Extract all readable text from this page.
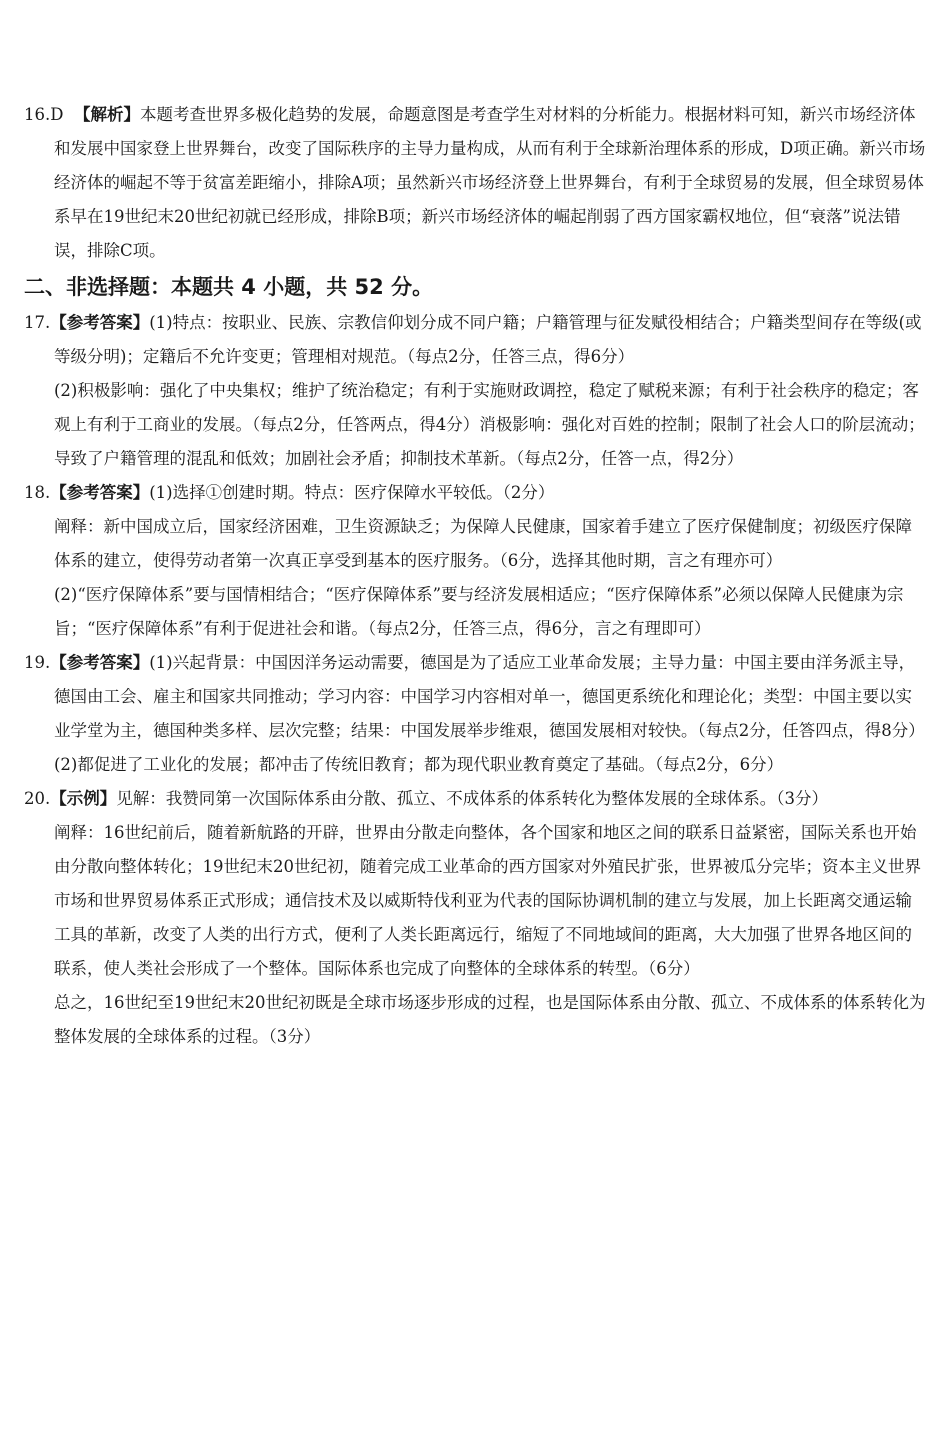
16.D 【解析】本题考查世界多极化趋势的发展，命题意图是考查学生对材料的分析能力。根据材料可知，新兴市场经济体和发展中国家登上世界舞台，改变了国际秩序的主导力量构成，从而有利于全球新治理体系的形成，D项正确。新兴市场经济体的崛起不等于贫富差距缩小，排除A项；虽然新兴市场经济登上世界舞台，有利于全球贸易的发展，但全球贸易体系早在19世纪末20世纪初就已经形成，排除B项；新兴市场经济体的崛起削弱了西方国家霸权地位，但“衰落”说法错误，排除C项。
二、非选择题：本题共 4 小题，共 52 分。
17.【参考答案】(1)特点：按职业、民族、宗教信仰划分成不同户籍；户籍管理与征发赋役相结合；户籍类型间存在等级(或等级分明)；定籍后不允许变更；管理相对规范。（每点2分，任答三点，得6分）
(2)积极影响：强化了中央集权；维护了统治稳定；有利于实施财政调控，稳定了赋税来源；有利于社会秩序的稳定；客观上有利于工商业的发展。（每点2分，任答两点，得4分）消极影响：强化对百姓的控制；限制了社会人口的阶层流动；导致了户籍管理的混乱和低效；加剧社会矛盾；抑制技术革新。（每点2分，任答一点，得2分）
18.【参考答案】(1)选择①创建时期。特点：医疗保障水平较低。（2分）
阐释：新中国成立后，国家经济困难，卫生资源缺乏；为保障人民健康，国家着手建立了医疗保健制度；初级医疗保障体系的建立，使得劳动者第一次真正享受到基本的医疗服务。（6分，选择其他时期，言之有理亦可）
(2)“医疗保障体系”要与国情相结合；“医疗保障体系”要与经济发展相适应；“医疗保障体系”必须以保障人民健康为宗旨；“医疗保障体系”有利于促进社会和谐。（每点2分，任答三点，得6分，言之有理即可）
19.【参考答案】(1)兴起背景：中国因洋务运动需要，德国是为了适应工业革命发展；主导力量：中国主要由洋务派主导，德国由工会、雇主和国家共同推动；学习内容：中国学习内容相对单一，德国更系统化和理论化；类型：中国主要以实业学堂为主，德国种类多样、层次完整；结果：中国发展举步维艰，德国发展相对较快。（每点2分，任答四点，得8分）
(2)都促进了工业化的发展；都冲击了传统旧教育；都为现代职业教育奠定了基础。（每点2分，6分）
20.【示例】见解：我赞同第一次国际体系由分散、孤立、不成体系的体系转化为整体发展的全球体系。（3分）
阐释：16世纪前后，随着新航路的开辟，世界由分散走向整体，各个国家和地区之间的联系日益紧密，国际关系也开始由分散向整体转化；19世纪末20世纪初，随着完成工业革命的西方国家对外殖民扩张，世界被瓜分完毕；资本主义世界市场和世界贸易体系正式形成；通信技术及以威斯特伐利亚为代表的国际协调机制的建立与发展，加上长距离交通运输工具的革新，改变了人类的出行方式，便利了人类长距离远行，缩短了不同地域间的距离，大大加强了世界各地区间的联系，使人类社会形成了一个整体。国际体系也完成了向整体的全球体系的转型。（6分）
总之，16世纪至19世纪末20世纪初既是全球市场逐步形成的过程，也是国际体系由分散、孤立、不成体系的体系转化为整体发展的全球体系的过程。（3分）
